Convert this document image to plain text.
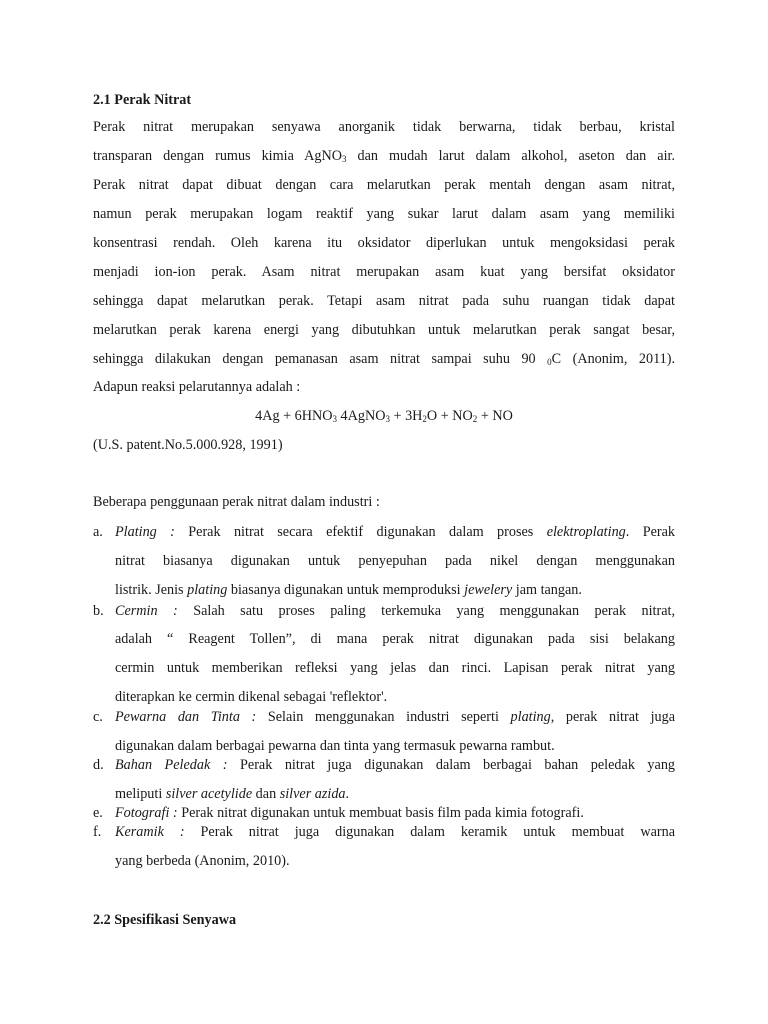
2.1 Perak Nitrat
Perak nitrat merupakan senyawa anorganik tidak berwarna, tidak berbau, kristal
transparan dengan rumus kimia AgNO$_3$ dan mudah larut dalam alkohol, aseton dan air.
Perak nitrat dapat dibuat dengan cara melarutkan perak mentah dengan asam nitrat,
namun perak merupakan logam reaktif yang sukar larut dalam asam yang memiliki
konsentrasi rendah. Oleh karena itu oksidator diperlukan untuk mengoksidasi perak
menjadi ion-ion perak. Asam nitrat merupakan asam kuat yang bersifat oksidator
sehingga dapat melarutkan perak. Tetapi asam nitrat pada suhu ruangan tidak dapat
melarutkan perak karena energi yang dibutuhkan untuk melarutkan perak sangat besar,
sehingga dilakukan dengan pemanasan asam nitrat sampai suhu 90 0C (Anonim, 2011).
Adapun reaksi pelarutannya adalah :
$4Ag + 6HNO_3$ 4AgNO$_3$ + $3H_2O + NO_2$ + NO
(U.S. patent.No.5.000.928, 1991)
Beberapa penggunaan perak nitrat dalam industri :
a. Plating : Perak nitrat secara efektif digunakan dalam proses elektroplating. Perak
nitrat biasanya digunakan untuk penyepuhan pada nikel dengan menggunakan
listrik. Jenis plating biasanya digunakan untuk memproduksi jewelery jam tangan.
b. Cermin : Salah satu proses paling terkemuka yang menggunakan perak nitrat,
adalah “ Reagent Tollen”, di mana perak nitrat digunakan pada sisi belakang
cermin untuk memberikan refleksi yang jelas dan rinci. Lapisan perak nitrat yang
diterapkan ke cermin dikenal sebagai 'reflektor'.
c. Pewarna dan Tinta : Selain menggunakan industri seperti plating, perak nitrat juga
digunakan dalam berbagai pewarna dan tinta yang termasuk pewarna rambut.
d. Bahan Peledak : Perak nitrat juga digunakan dalam berbagai bahan peledak yang
meliputi silver acetylide dan silver azida.
e. Fotografi : Perak nitrat digunakan untuk membuat basis film pada kimia fotografi.
f. Keramik : Perak nitrat juga digunakan dalam keramik untuk membuat warna
yang berbeda (Anonim, 2010).
2.2 Spesifikasi Senyawa
